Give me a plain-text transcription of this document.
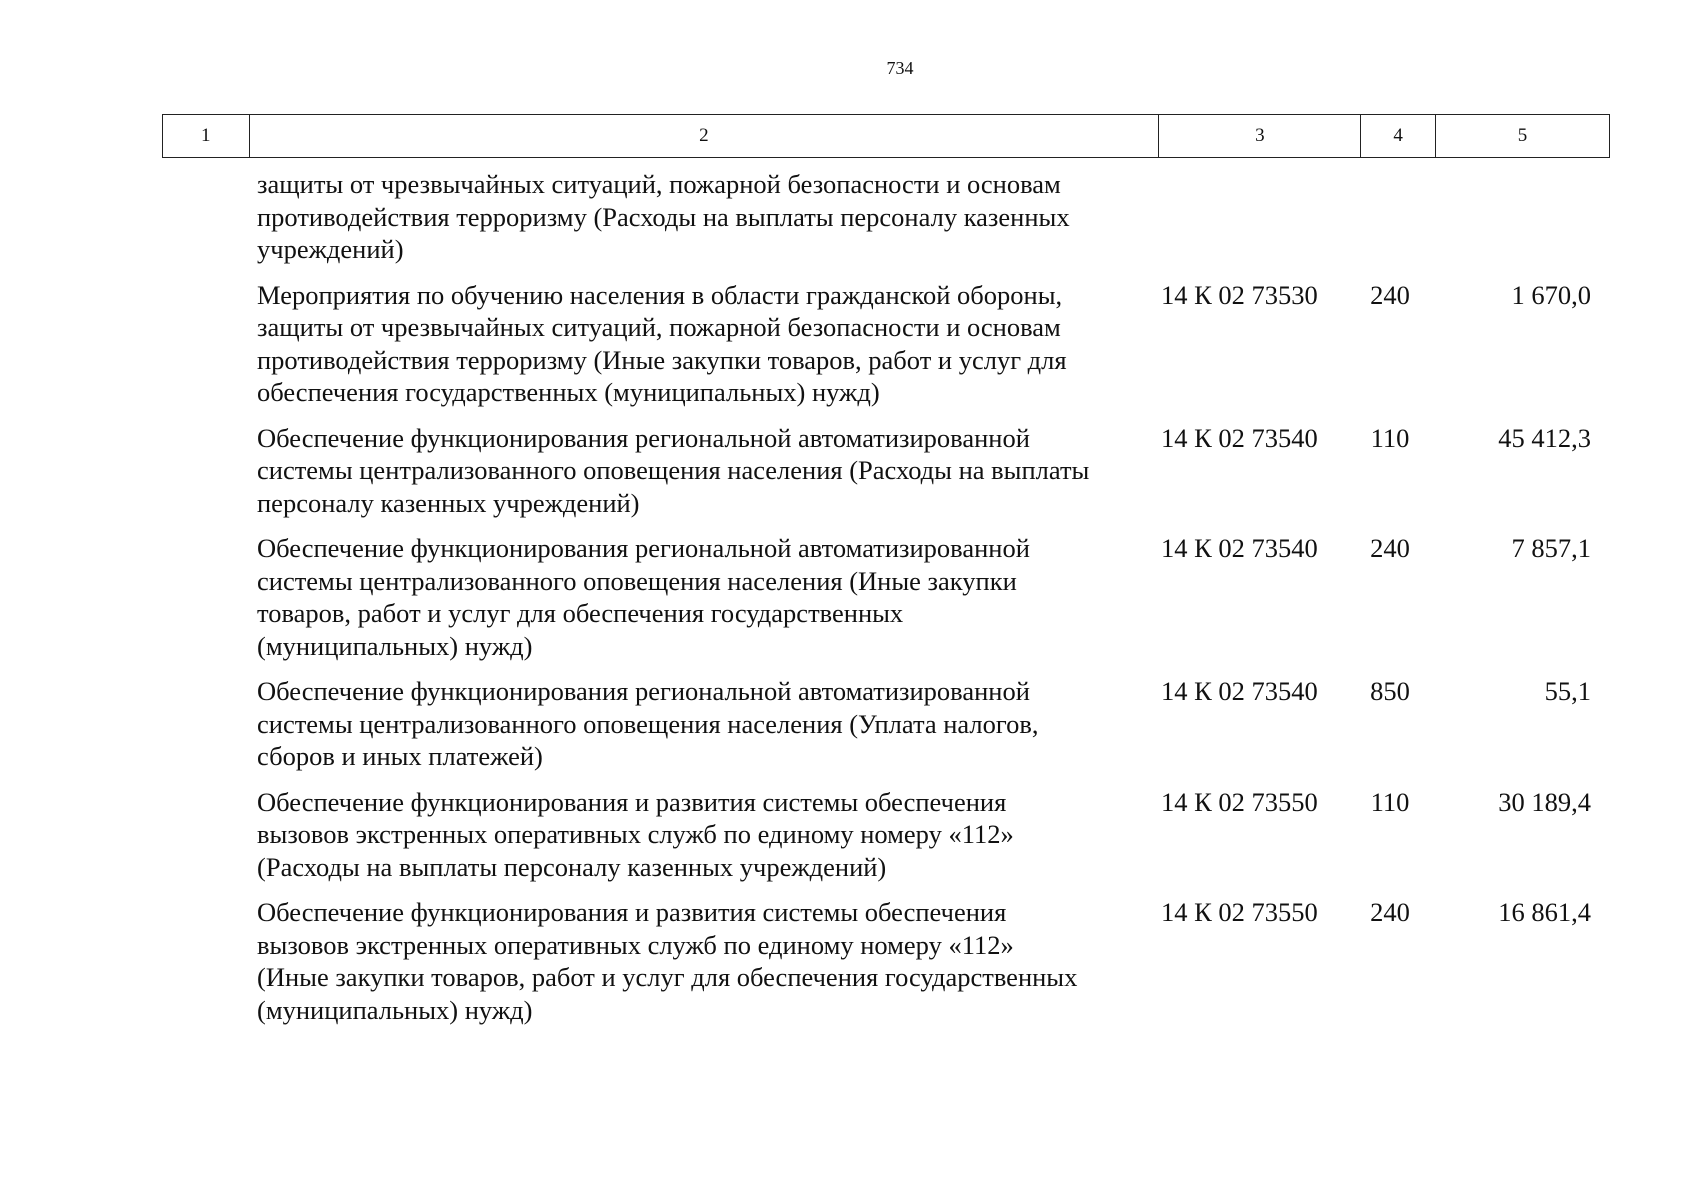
734
1	2	3	4	5
защиты от чрезвычайных ситуаций, пожарной безопасности и основам
противодействия терроризму (Расходы на выплаты персоналу казенных
учреждений)
Мероприятия по обучению населения в области гражданской обороны,
защиты от чрезвычайных ситуаций, пожарной безопасности и основам
противодействия терроризму (Иные закупки товаров, работ и услуг для
обеспечения государственных (муниципальных) нужд)
14 К 02 73530	240	1 670,0
Обеспечение функционирования региональной автоматизированной
системы централизованного оповещения населения (Расходы на выплаты
персоналу казенных учреждений)
14 К 02 73540	110	45 412,3
Обеспечение функционирования региональной автоматизированной
системы централизованного оповещения населения (Иные закупки
товаров, работ и услуг для обеспечения государственных
(муниципальных) нужд)
14 К 02 73540	240	7 857,1
Обеспечение функционирования региональной автоматизированной
системы централизованного оповещения населения (Уплата налогов,
сборов и иных платежей)
14 К 02 73540	850	55,1
Обеспечение функционирования и развития системы обеспечения
вызовов экстренных оперативных служб по единому номеру «112»
(Расходы на выплаты персоналу казенных учреждений)
14 К 02 73550	110	30 189,4
Обеспечение функционирования и развития системы обеспечения
вызовов экстренных оперативных служб по единому номеру «112»
(Иные закупки товаров, работ и услуг для обеспечения государственных
(муниципальных) нужд)
14 К 02 73550	240	16 861,4
